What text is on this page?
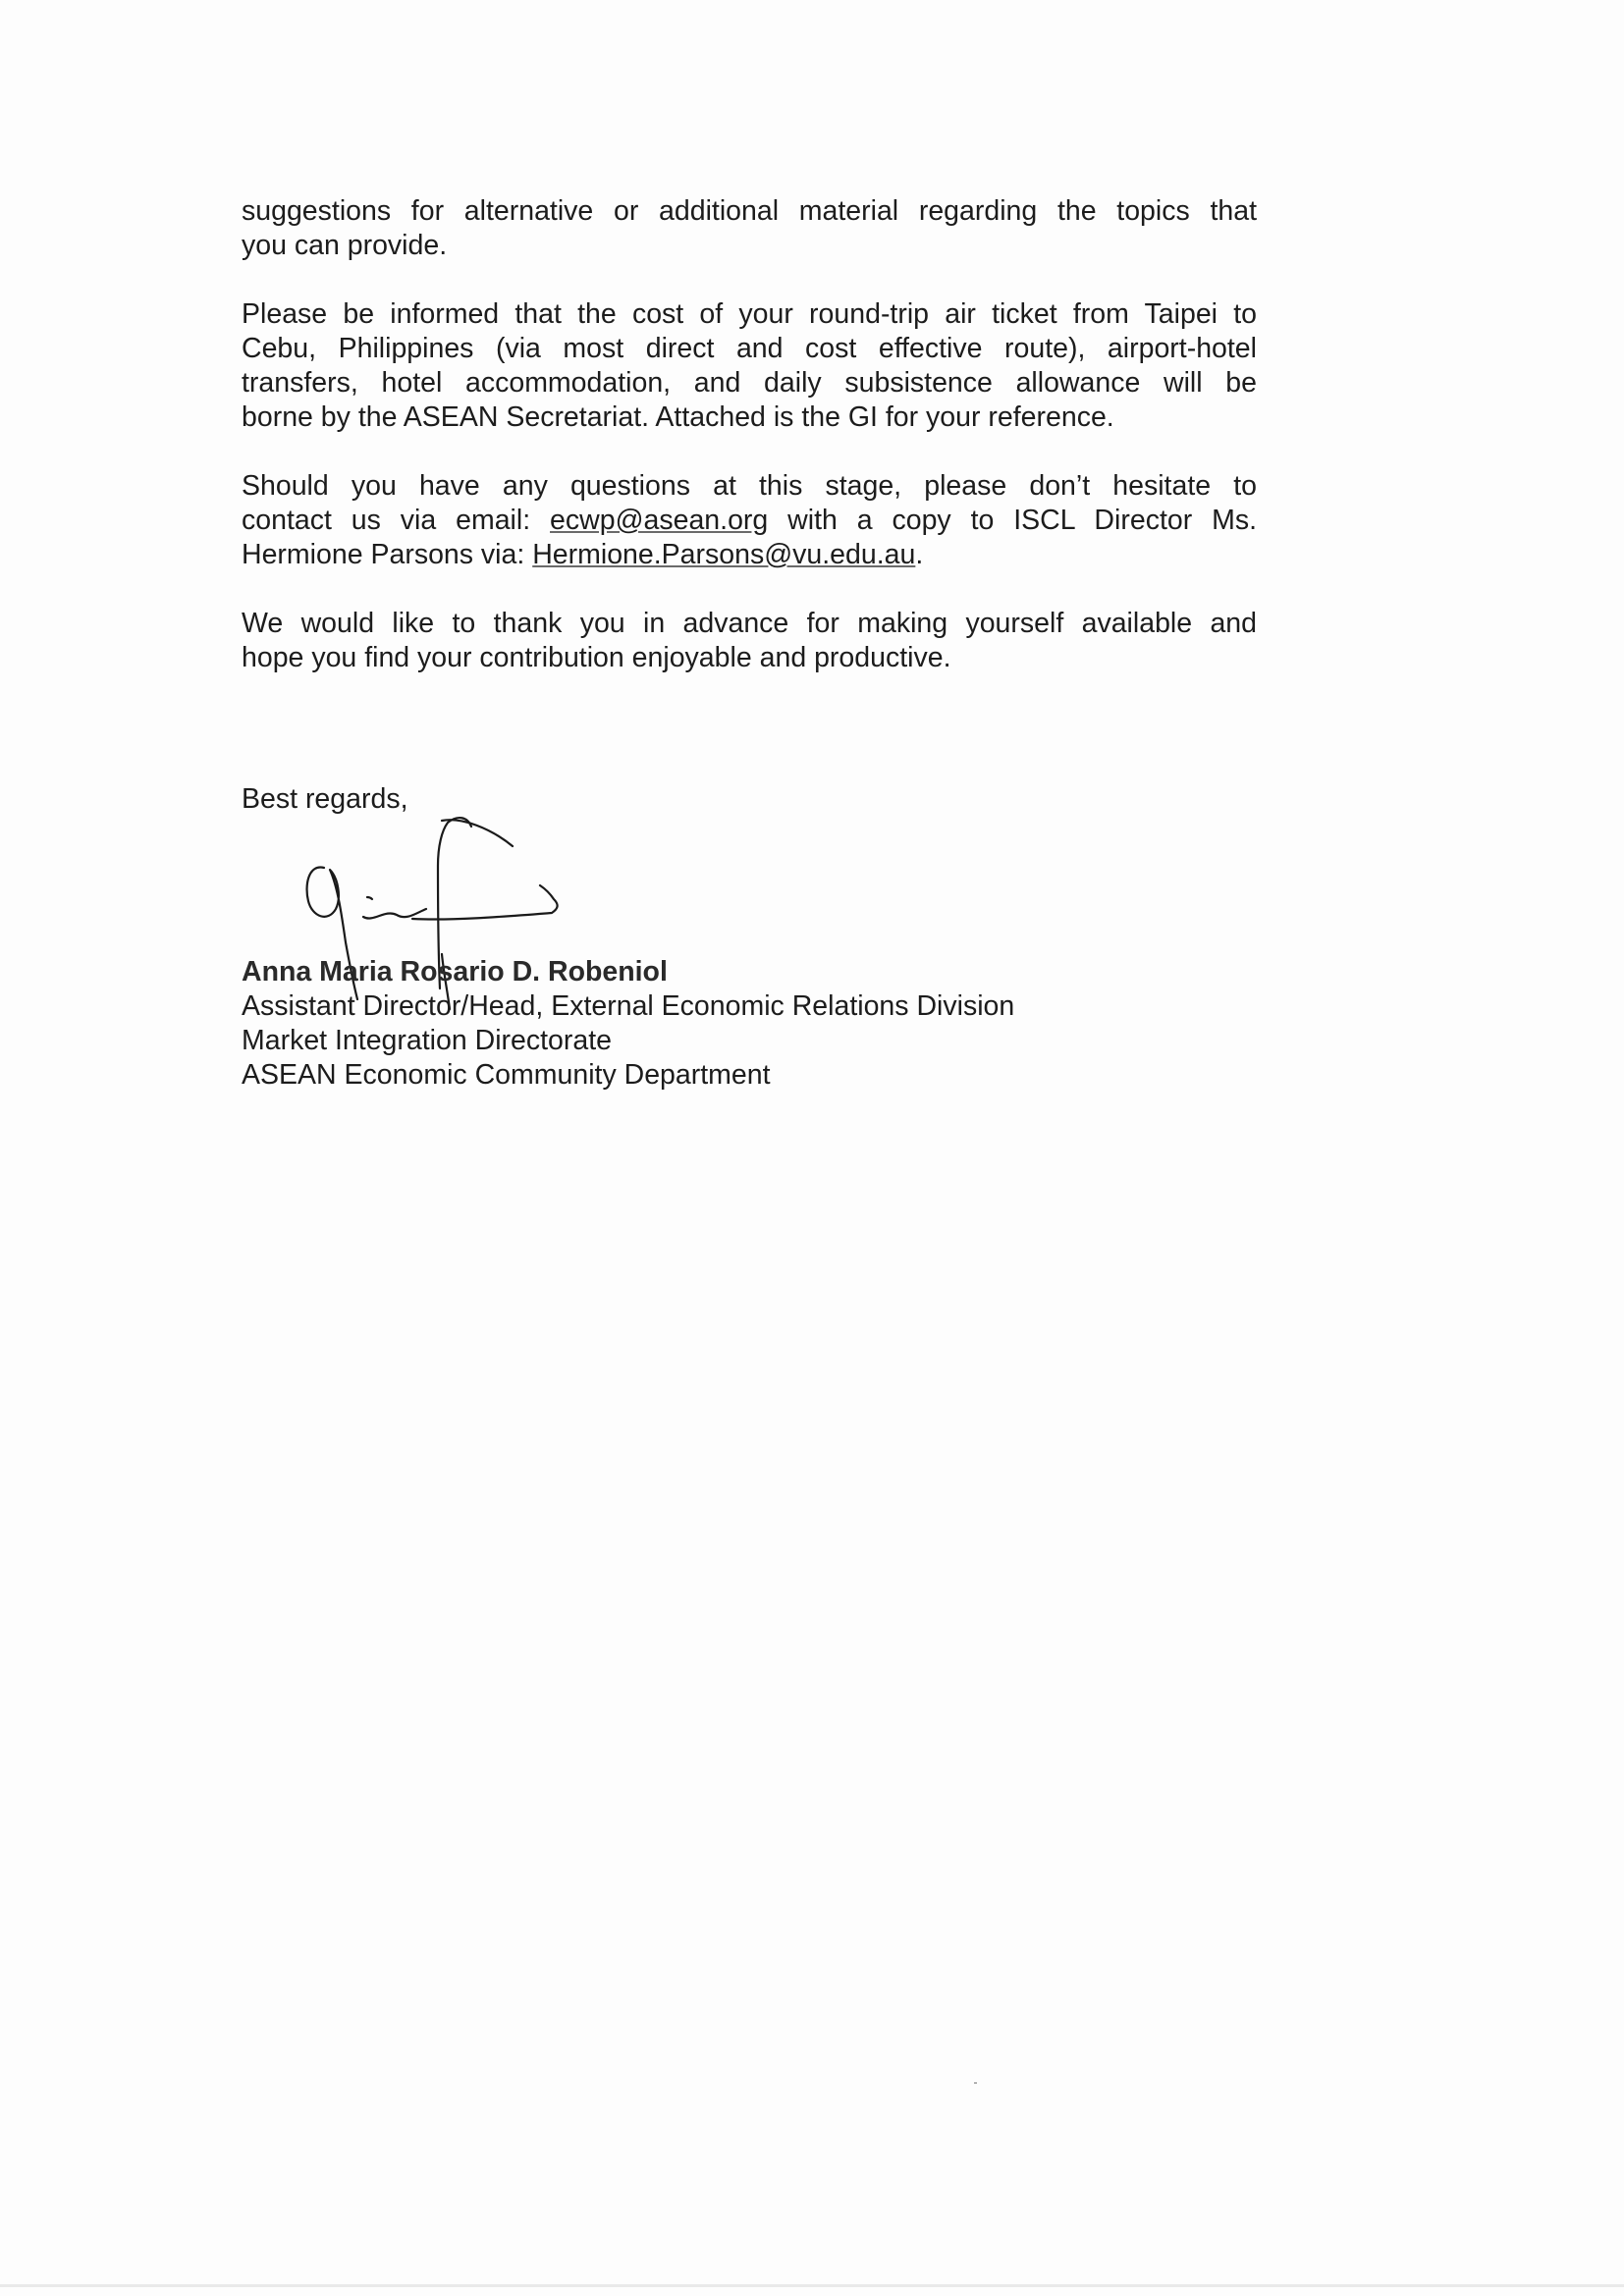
suggestions for alternative or additional material regarding the topics that

you can provide.

Please be informed that the cost of your round-trip air ticket from Taipei to

Cebu, Philippines (via most direct and cost effective route), airport-hotel

transfers, hotel accommodation, and daily subsistence allowance will be

borne by the ASEAN Secretariat. Attached is the GI for your reference.

Should you have any questions at this stage, please don’t hesitate to

contact us via email: ecwp@asean.org with a copy to ISCL Director Ms.

Hermione Parsons via: Hermione.Parsons@vu.edu.au.

We would like to thank you in advance for making yourself available and

hope you find your contribution enjoyable and productive.

Best regards,
Anna Maria Rosario D. Robeniol
Assistant Director/Head, External Economic Relations Division
Market Integration Directorate
ASEAN Economic Community Department
